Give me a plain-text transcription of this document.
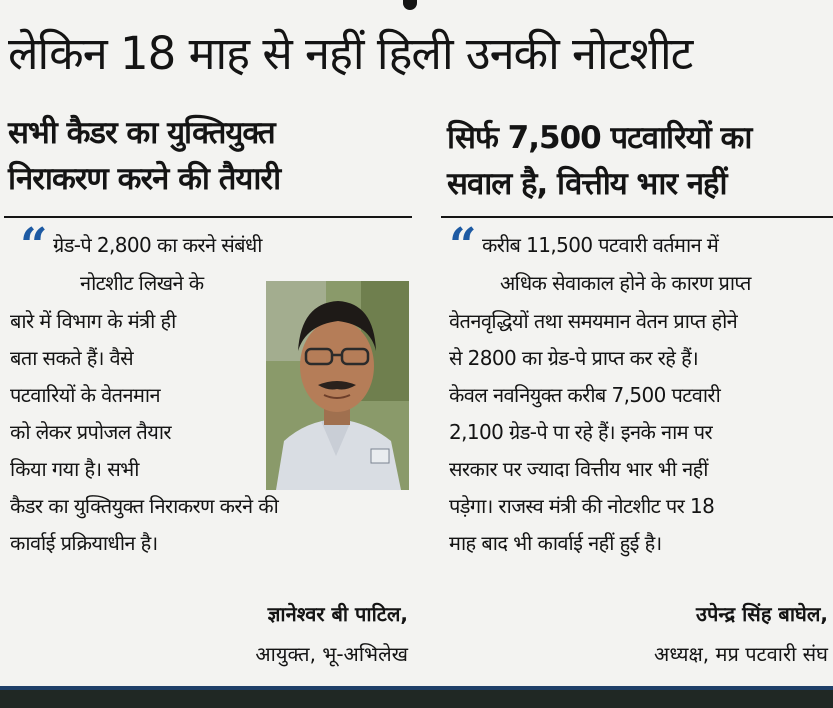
लेकिन 18 माह से नहीं हिली उनकी नोटशीट
सभी कैडर का युक्तियुक्त
निराकरण करने की तैयारी
“ ग्रेड-पे 2,800 का करने संबंधी
नोटशीट लिखने के
बारे में विभाग के मंत्री ही
बता सकते हैं। वैसे
पटवारियों के वेतनमान
को लेकर प्रपोजल तैयार
किया गया है। सभी
कैडर का युक्तियुक्त निराकरण करने की
कार्वाई प्रक्रियाधीन है।
ज्ञानेश्वर बी पाटिल,
आयुक्त, भू-अभिलेख
सिर्फ 7,500 पटवारियों का
सवाल है, वित्तीय भार नहीं
“ करीब 11,500 पटवारी वर्तमान में
अधिक सेवाकाल होने के कारण प्राप्त
वेतनवृद्धियों तथा समयमान वेतन प्राप्त होने
से 2800 का ग्रेड-पे प्राप्त कर रहे हैं।
केवल नवनियुक्त करीब 7,500 पटवारी
2,100 ग्रेड-पे पा रहे हैं। इनके नाम पर
सरकार पर ज्यादा वित्तीय भार भी नहीं
पड़ेगा। राजस्व मंत्री की नोटशीट पर 18
माह बाद भी कार्वाई नहीं हुई है।
उपेन्द्र सिंह बाघेल,
अध्यक्ष, मप्र पटवारी संघ
